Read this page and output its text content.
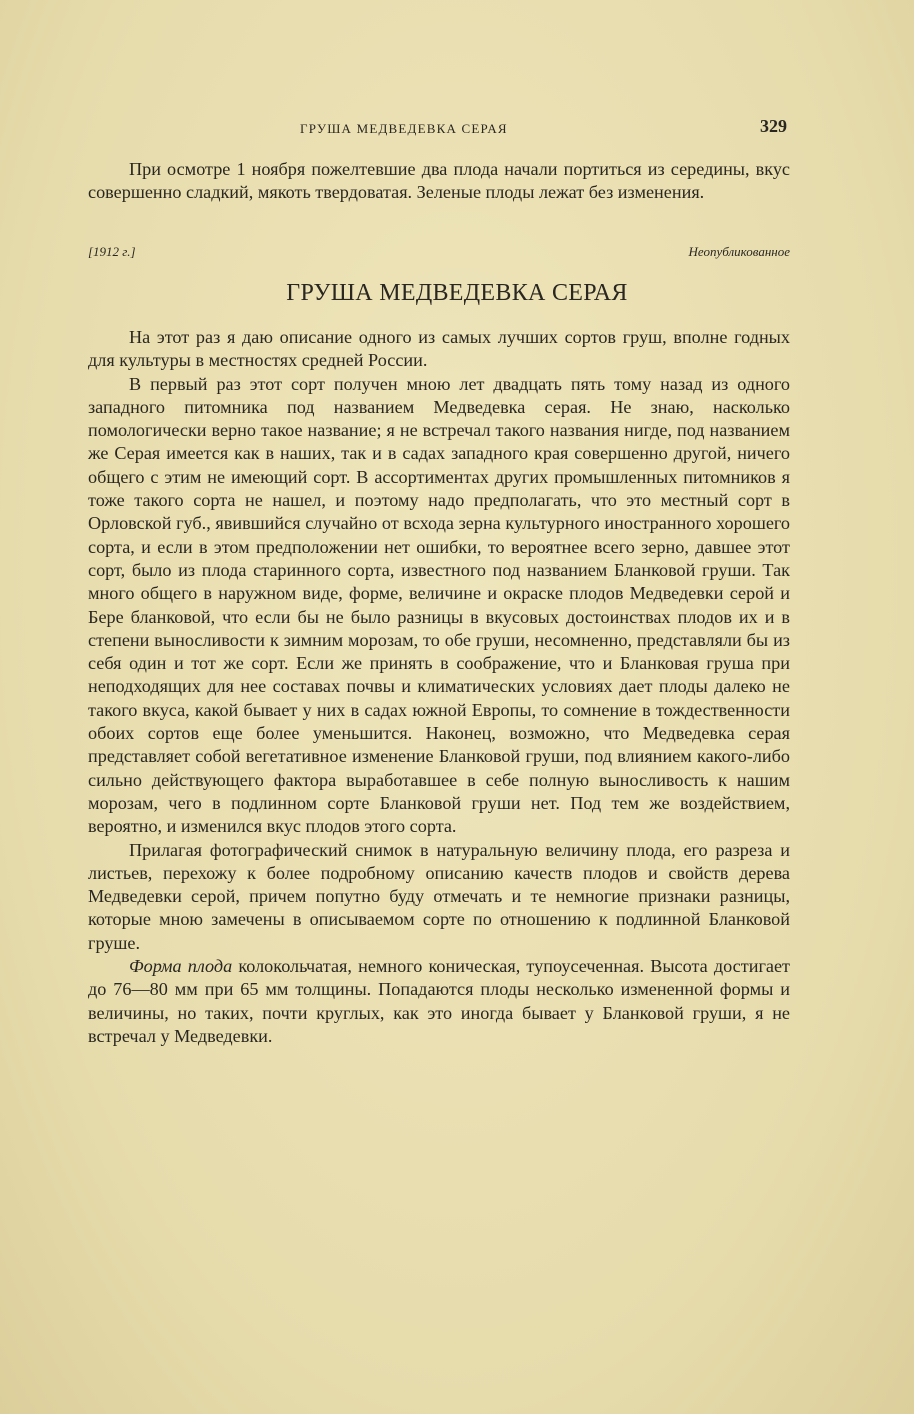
ГРУША МЕДВЕДЕВКА СЕРАЯ	329

При осмотре 1 ноября пожелтевшие два плода начали портиться из середины, вкус совершенно сладкий, мякоть твердоватая. Зеленые плоды лежат без изменения.

[1912 г.]	Неопубликованное
ГРУША МЕДВЕДЕВКА СЕРАЯ

На этот раз я даю описание одного из самых лучших сортов груш, вполне годных для культуры в местностях средней России.

В первый раз этот сорт получен мною лет двадцать пять тому назад из одного западного питомника под названием Медведевка серая. Не знаю, насколько помологически верно такое название; я не встречал такого названия нигде, под названием же Серая имеется как в наших, так и в садах западного края совершенно другой, ничего общего с этим не имеющий сорт. В ассортиментах других промышленных питомников я тоже такого сорта не нашел, и поэтому надо предполагать, что это местный сорт в Орловской губ., явившийся случайно от всхода зерна культурного иностранного хорошего сорта, и если в этом предположении нет ошибки, то вероятнее всего зерно, давшее этот сорт, было из плода старинного сорта, известного под названием Бланковой груши. Так много общего в наружном виде, форме, величине и окраске плодов Медведевки серой и Бере бланковой, что если бы не было разницы в вкусовых достоинствах плодов их и в степени выносливости к зимним морозам, то обе груши, несомненно, представляли бы из себя один и тот же сорт. Если же принять в соображение, что и Бланковая груша при неподходящих для нее составах почвы и климатических условиях дает плоды далеко не такого вкуса, какой бывает у них в садах южной Европы, то сомнение в тождественности обоих сортов еще более уменьшится. Наконец, возможно, что Медведевка серая представляет собой вегетативное изменение Бланковой груши, под влиянием какого-либо сильно действующего фактора выработавшее в себе полную выносливость к нашим морозам, чего в подлинном сорте Бланковой груши нет. Под тем же воздействием, вероятно, и изменился вкус плодов этого сорта.

Прилагая фотографический снимок в натуральную величину плода, его разреза и листьев, перехожу к более подробному описанию качеств плодов и свойств дерева Медведевки серой, причем попутно буду отмечать и те немногие признаки разницы, которые мною замечены в описываемом сорте по отношению к подлинной Бланковой груше.

Форма плода колокольчатая, немного коническая, тупоусеченная. Высота достигает до 76—80 мм при 65 мм толщины. Попадаются плоды несколько измененной формы и величины, но таких, почти круглых, как это иногда бывает у Бланковой груши, я не встречал у Медведевки.
